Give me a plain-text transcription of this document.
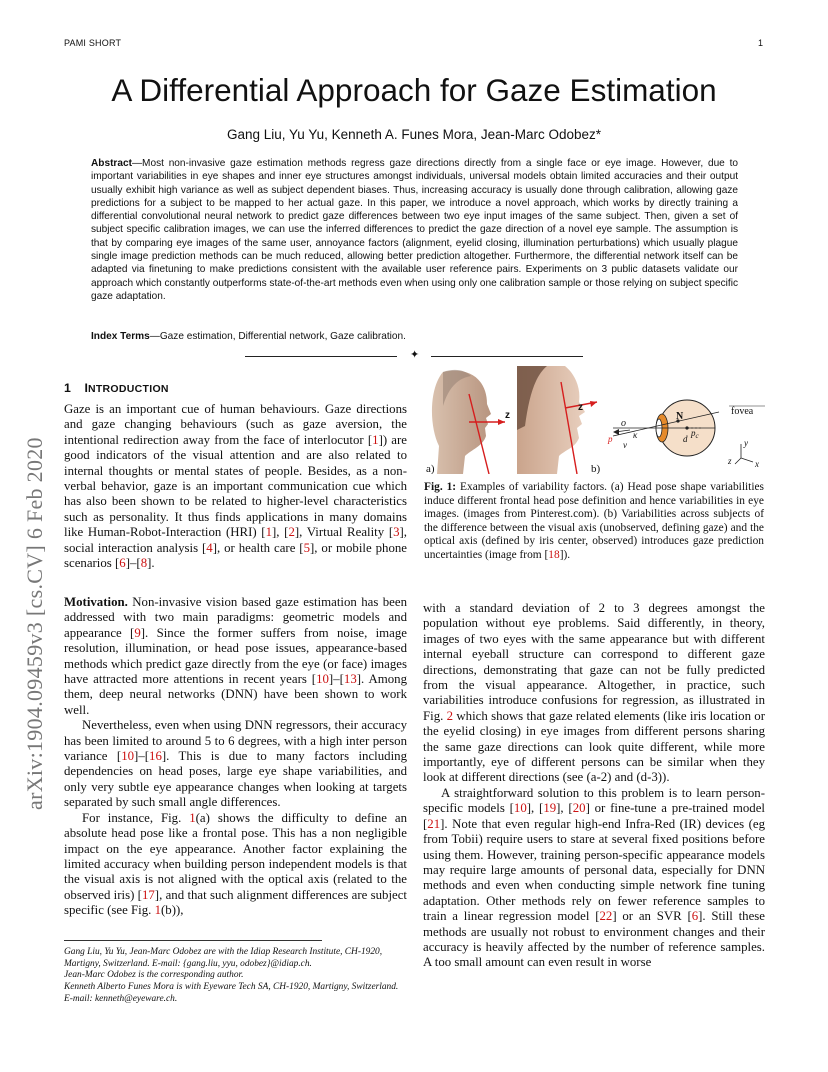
PAMI SHORT	1
A Differential Approach for Gaze Estimation
Gang Liu, Yu Yu, Kenneth A. Funes Mora, Jean-Marc Odobez*
Abstract—Most non-invasive gaze estimation methods regress gaze directions directly from a single face or eye image. However, due to important variabilities in eye shapes and inner eye structures amongst individuals, universal models obtain limited accuracies and their output usually exhibit high variance as well as subject dependent biases. Thus, increasing accuracy is usually done through calibration, allowing gaze predictions for a subject to be mapped to her actual gaze. In this paper, we introduce a novel approach, which works by directly training a differential convolutional neural network to predict gaze differences between two eye input images of the same subject. Then, given a set of subject specific calibration images, we can use the inferred differences to predict the gaze direction of a novel eye sample. The assumption is that by comparing eye images of the same user, annoyance factors (alignment, eyelid closing, illumination perturbations) which usually plague single image prediction methods can be much reduced, allowing better prediction altogether. Furthermore, the differential network itself can be adapted via finetuning to make predictions consistent with the available user reference pairs. Experiments on 3 public datasets validate our approach which constantly outperforms state-of-the-art methods even when using only one calibration sample or those relying on subject specific gaze adaptation.
Index Terms—Gaze estimation, Differential network, Gaze calibration.
✦
arXiv:1904.09459v3 [cs.CV] 6 Feb 2020
1 INTRODUCTION

Gaze is an important cue of human behaviours. Gaze directions and gaze changing behaviours (such as gaze aversion, the intentional redirection away from the face of interlocutor [1]) are good indicators of the visual attention and are also related to internal thoughts or mental states of people. Besides, as a non-verbal behavior, gaze is an important communication cue which has also been shown to be related to higher-level characteristics such as personality. It thus finds applications in many domains like Human-Robot-Interaction (HRI) [1], [2], Virtual Reality [3], social interaction analysis [4], or health care [5], or mobile phone scenarios [6]–[8].

Motivation. Non-invasive vision based gaze estimation has been addressed with two main paradigms: geometric models and appearance [9]. Since the former suffers from noise, image resolution, illumination, or head pose issues, appearance-based methods which predict gaze directly from the eye (or face) images have attracted more attentions in recent years [10]–[13]. Among them, deep neural networks (DNN) have been shown to work well.

Nevertheless, even when using DNN regressors, their accuracy has been limited to around 5 to 6 degrees, with a high inter person variance [10]–[16]. This is due to many factors including dependencies on head poses, large eye shape variabilities, and only very subtle eye appearance changes when looking at targets separated by such small angle differences.

For instance, Fig. 1(a) shows the difficulty to define an absolute head pose like a frontal pose. This has a non negligible impact on the eye appearance. Another factor explaining the limited accuracy when building person independent models is that the visual axis is not aligned with the optical axis (related to the observed iris) [17], and that such alignment differences are subject specific (see Fig. 1(b)),

Gang Liu, Yu Yu, Jean-Marc Odobez are with the Idiap Research Institute, CH-1920, Martigny, Switzerland. E-mail: {gang.liu, yyu, odobez}@idiap.ch.

Jean-Marc Odobez is the corresponding author.

Kenneth Alberto Funes Mora is with Eyeware Tech SA, CH-1920, Martigny, Switzerland. E-mail: kenneth@eyeware.ch.

z
z
a)	b)
o
κ
N
$p_c$
d
p
v
fovea
y
z	x
Fig. 1: Examples of variability factors. (a) Head pose shape variabilities induce different frontal head pose definition and hence variabilities in eye images. (images from Pinterest.com). (b) Variabilities across subjects of the difference between the visual axis (unobserved, defining gaze) and the optical axis (defined by iris center, observed) introduces gaze prediction uncertainties (image from [18]).

with a standard deviation of 2 to 3 degrees amongst the population without eye problems. Said differently, in theory, images of two eyes with the same appearance but with different internal eyeball structure can correspond to different gaze directions, demonstrating that gaze can not be fully predicted from the visual appearance. Altogether, in practice, such variabilities introduce confusions for regression, as illustrated in Fig. 2 which shows that gaze related elements (like iris location or the eyelid closing) in eye images from different persons sharing the same gaze directions can look quite different, while more importantly, eye of different persons can be similar when they look at different directions (see (a-2) and (d-3)).

A straightforward solution to this problem is to learn person-specific models [10], [19], [20] or fine-tune a pre-trained model [21]. Note that even regular high-end Infra-Red (IR) devices (eg from Tobii) require users to stare at several fixed positions before using them. However, training person-specific appearance models may require large amounts of personal data, especially for DNN methods and even when conducting simple network fine tuning adaptation. Other methods rely on fewer reference samples to train a linear regression model [22] or an SVR [6]. Still these methods are usually not robust to environment changes and their accuracy is heavily affected by the number of reference samples. A too small amount can even result in worse
